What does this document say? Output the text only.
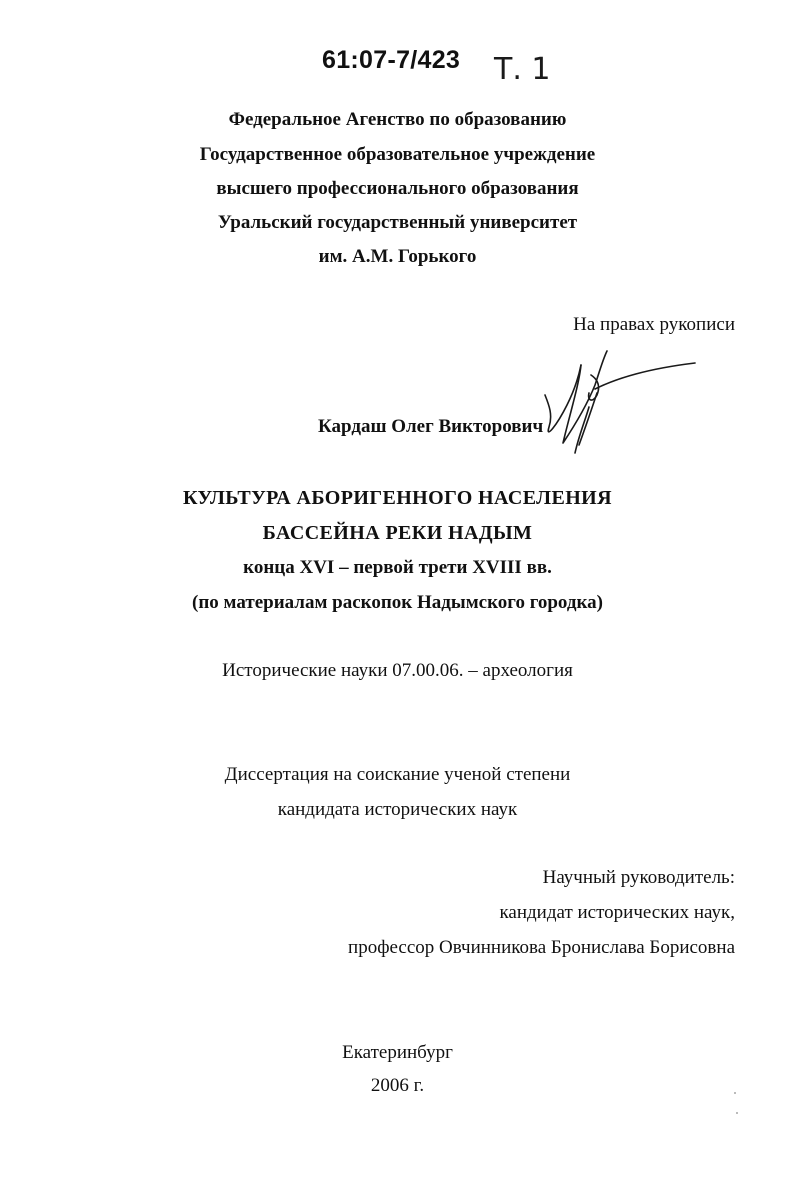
61:07-7/423 Т. 1
Федеральное Агенство по образованию
Государственное образовательное учреждение
высшего профессионального образования
Уральский государственный университет
им. А.М. Горького
На правах рукописи
Кардаш Олег Викторович
КУЛЬТУРА АБОРИГЕННОГО НАСЕЛЕНИЯ
БАССЕЙНА РЕКИ НАДЫМ
конца XVI – первой трети XVIII вв.
(по материалам раскопок Надымского городка)
Исторические науки 07.00.06. – археология
Диссертация на соискание ученой степени
кандидата исторических наук
Научный руководитель:
кандидат исторических наук,
профессор Овчинникова Бронислава Борисовна
Екатеринбург
2006 г.
